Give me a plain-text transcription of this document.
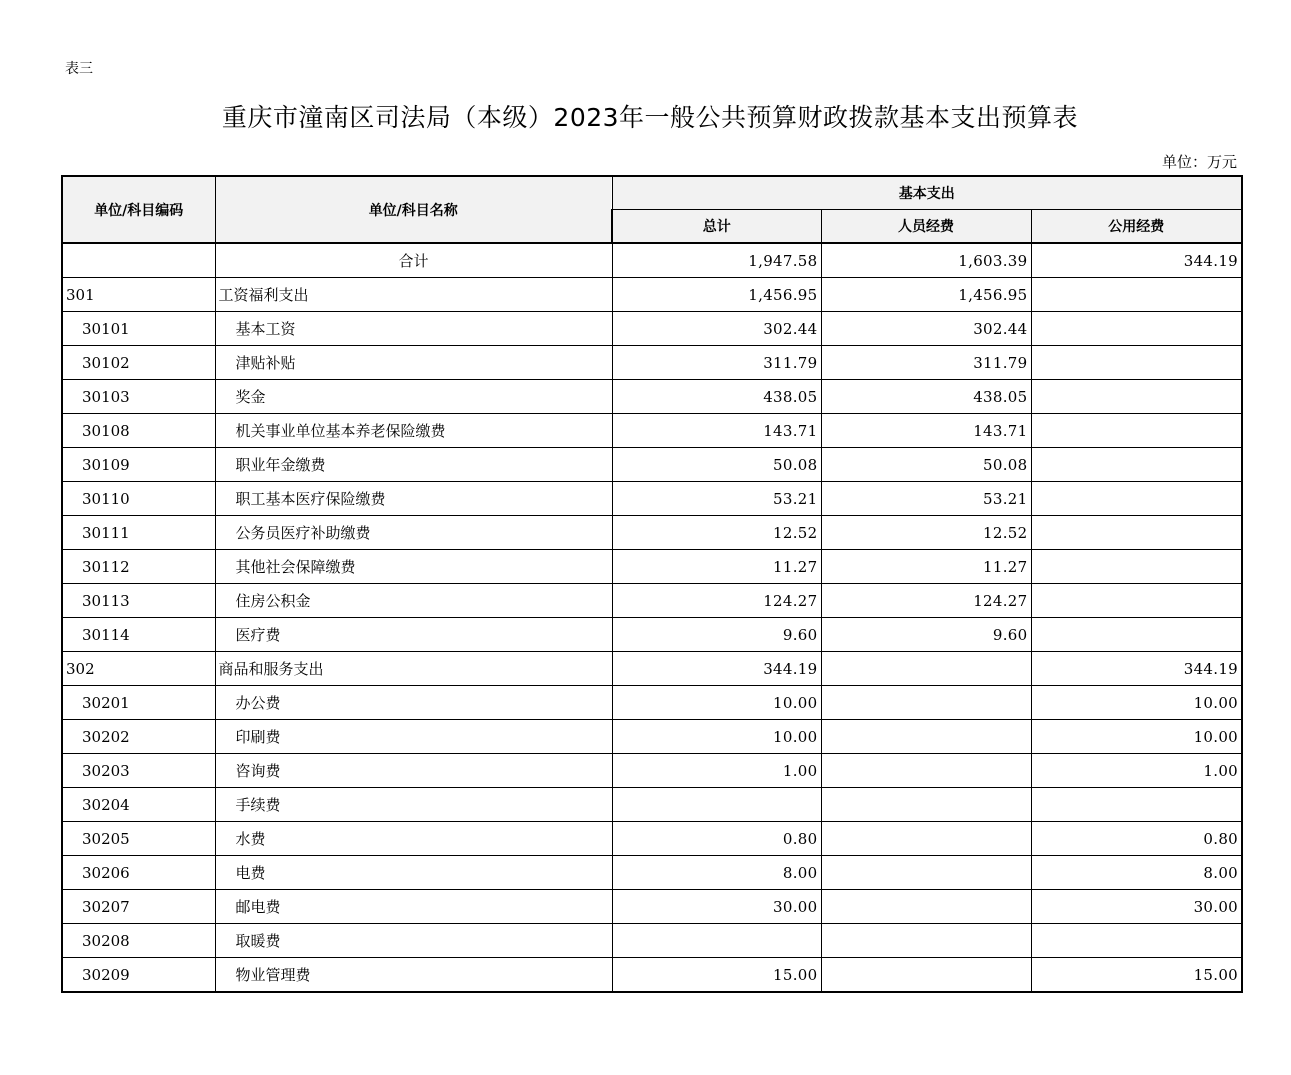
表三
重庆市潼南区司法局（本级）2023年一般公共预算财政拨款基本支出预算表
单位：万元
单位/科目编码	单位/科目名称	基本支出		
		总计	人员经费	公用经费
	合计	1,947.58	1,603.39	344.19
301	工资福利支出	1,456.95	1,456.95	
30101	基本工资	302.44	302.44	
30102	津贴补贴	311.79	311.79	
30103	奖金	438.05	438.05	
30108	机关事业单位基本养老保险缴费	143.71	143.71	
30109	职业年金缴费	50.08	50.08	
30110	职工基本医疗保险缴费	53.21	53.21	
30111	公务员医疗补助缴费	12.52	12.52	
30112	其他社会保障缴费	11.27	11.27	
30113	住房公积金	124.27	124.27	
30114	医疗费	9.60	9.60	
302	商品和服务支出	344.19		344.19
30201	办公费	10.00		10.00
30202	印刷费	10.00		10.00
30203	咨询费	1.00		1.00
30204	手续费			
30205	水费	0.80		0.80
30206	电费	8.00		8.00
30207	邮电费	30.00		30.00
30208	取暖费			
30209	物业管理费	15.00		15.00
